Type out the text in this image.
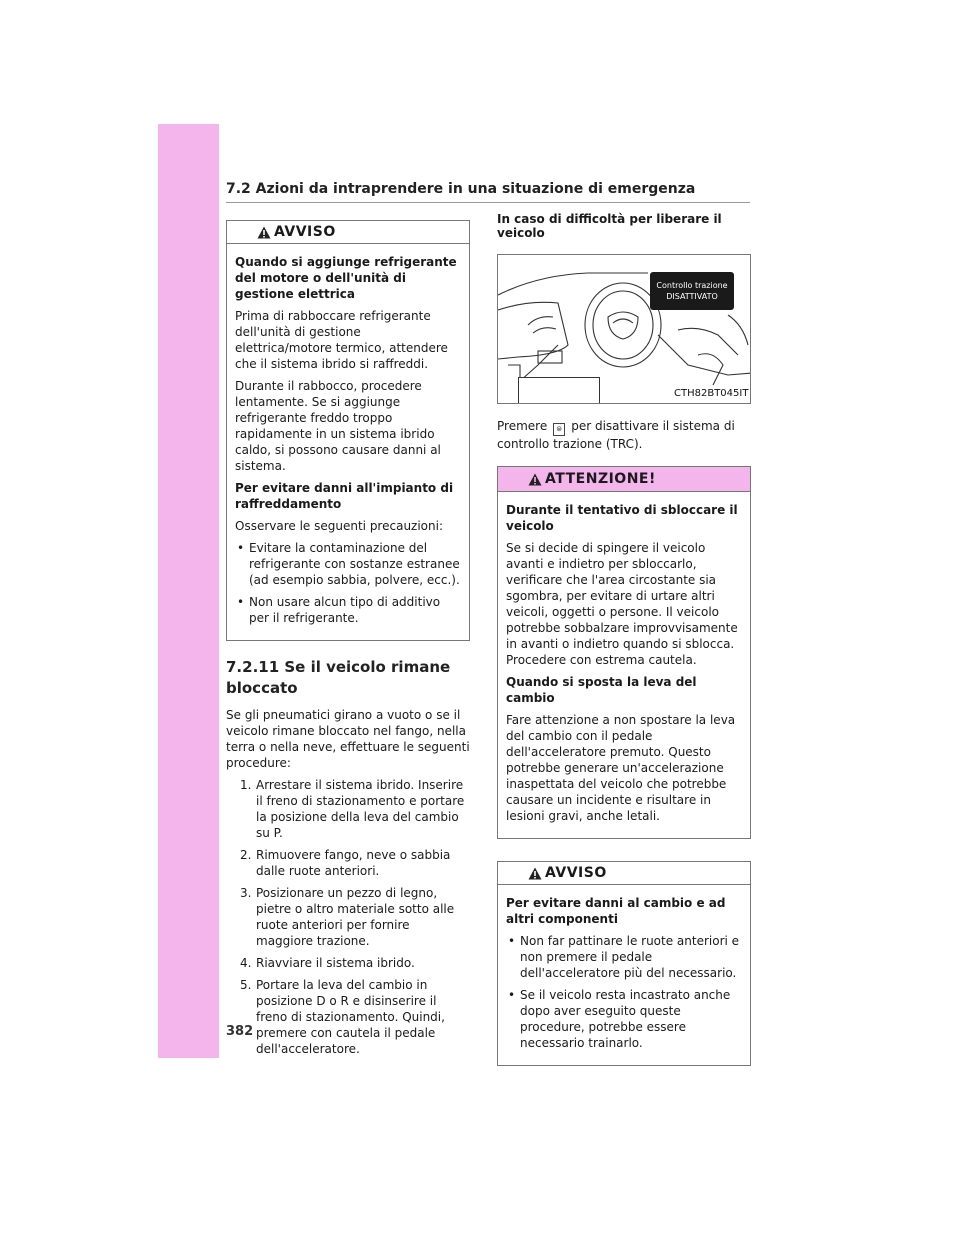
7.2 Azioni da intraprendere in una situazione di emergenza
AVVISO

Quando si aggiunge refrigerante del motore o dell'unità di gestione elettrica

Prima di rabboccare refrigerante dell'unità di gestione elettrica/motore termico, attendere che il sistema ibrido si raffreddi.

Durante il rabbocco, procedere lentamente. Se si aggiunge refrigerante freddo troppo rapidamente in un sistema ibrido caldo, si possono causare danni al sistema.

Per evitare danni all'impianto di raffreddamento

Osservare le seguenti precauzioni:

• Evitare la contaminazione del refrigerante con sostanze estranee (ad esempio sabbia, polvere, ecc.).
• Non usare alcun tipo di additivo per il refrigerante.
7.2.11 Se il veicolo rimane bloccato

Se gli pneumatici girano a vuoto o se il veicolo rimane bloccato nel fango, nella terra o nella neve, effettuare le seguenti procedure:

1. Arrestare il sistema ibrido. Inserire il freno di stazionamento e portare la posizione della leva del cambio su P.
2. Rimuovere fango, neve o sabbia dalle ruote anteriori.
3. Posizionare un pezzo di legno, pietre o altro materiale sotto alle ruote anteriori per fornire maggiore trazione.
4. Riavviare il sistema ibrido.
5. Portare la leva del cambio in posizione D o R e disinserire il freno di stazionamento. Quindi, premere con cautela il pedale dell'acceleratore.

In caso di difficoltà per liberare il veicolo

Controllo trazione
DISATTIVATO
CTH82BT045IT

Premere ⊜ per disattivare il sistema di controllo trazione (TRC).

ATTENZIONE!

Durante il tentativo di sbloccare il veicolo

Se si decide di spingere il veicolo avanti e indietro per sbloccarlo, verificare che l'area circostante sia sgombra, per evitare di urtare altri veicoli, oggetti o persone. Il veicolo potrebbe sobbalzare improvvisamente in avanti o indietro quando si sblocca. Procedere con estrema cautela.

Quando si sposta la leva del cambio

Fare attenzione a non spostare la leva del cambio con il pedale dell'acceleratore premuto. Questo potrebbe generare un'accelerazione inaspettata del veicolo che potrebbe causare un incidente e risultare in lesioni gravi, anche letali.

AVVISO

Per evitare danni al cambio e ad altri componenti

• Non far pattinare le ruote anteriori e non premere il pedale dell'acceleratore più del necessario.
• Se il veicolo resta incastrato anche dopo aver eseguito queste procedure, potrebbe essere necessario trainarlo.
382
